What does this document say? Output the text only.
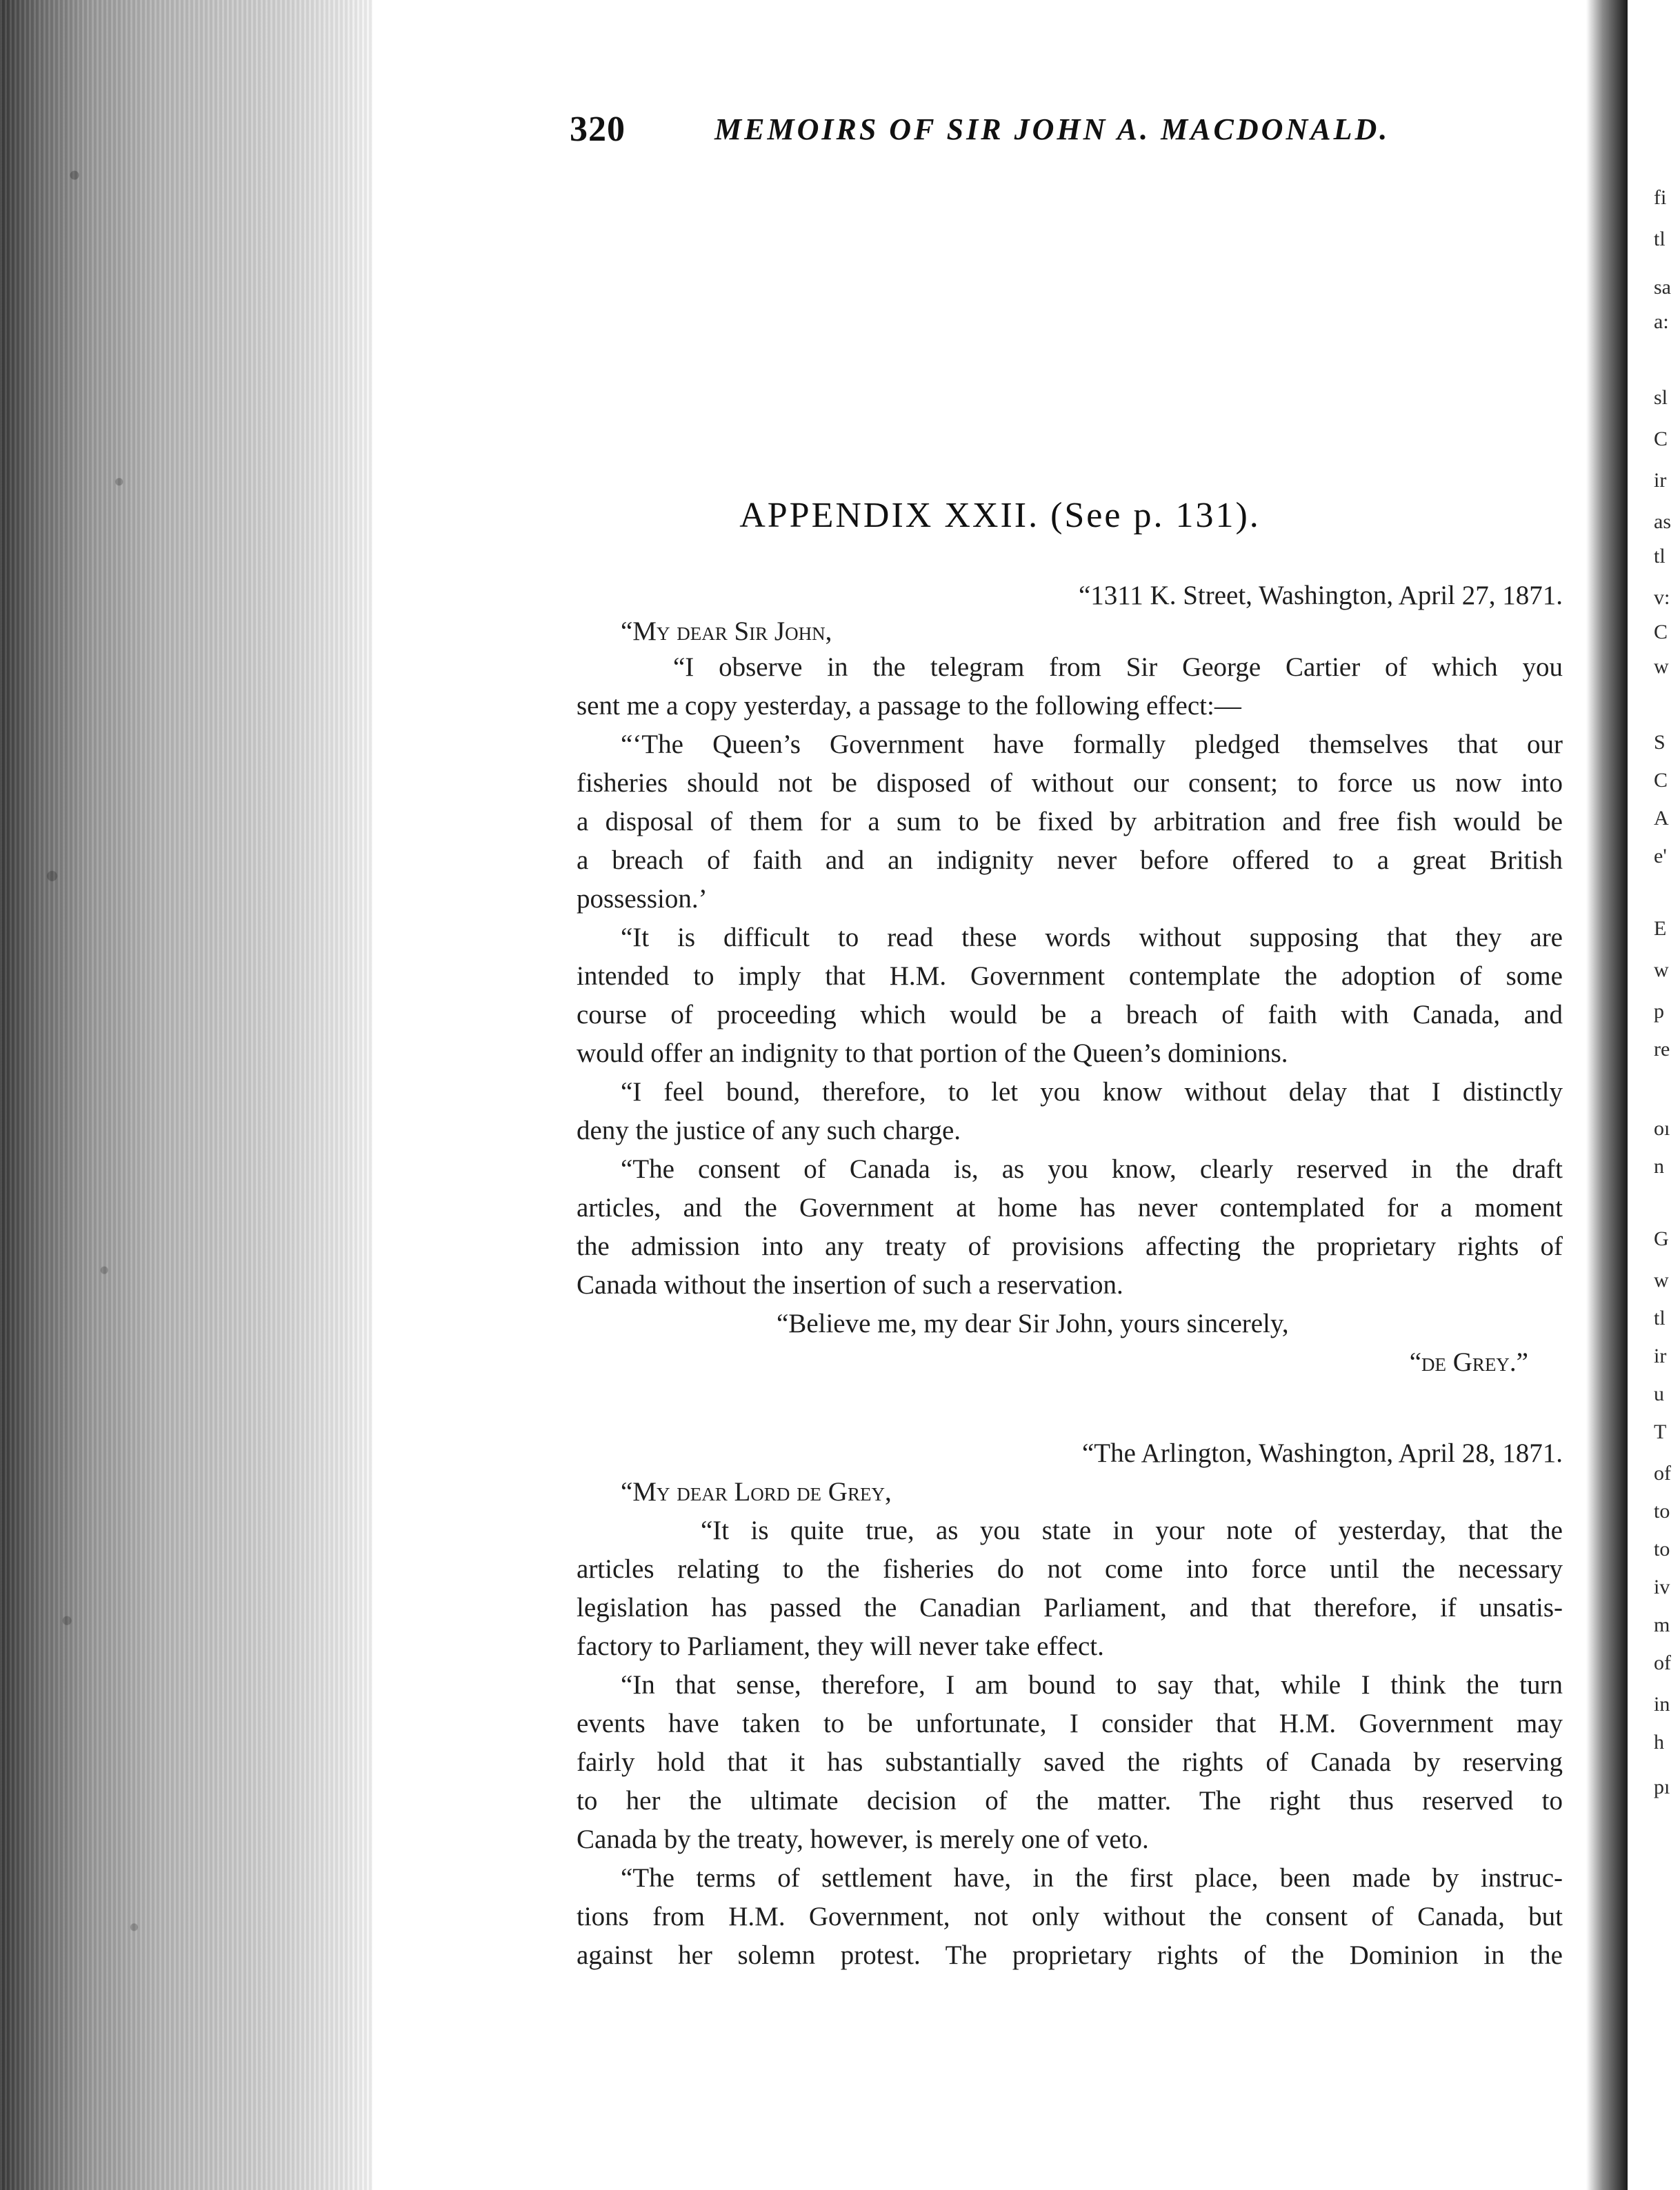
fi
tl
sa
a:
sl
C
ir
as
tl
v:
C
w
S
C
A
e'
E
w
p
re
oı
n
G
w
tl
ir
u
T
of
to
to
iv
m
of
in
h
pı
320	MEMOIRS OF SIR JOHN A. MACDONALD.
APPENDIX XXII. (See p. 131).
“1311 K. Street, Washington, April 27, 1871.
“My dear Sir John,
“I observe in the telegram from Sir George Cartier of which you
sent me a copy yesterday, a passage to the following effect:—
“‘The Queen’s Government have formally pledged themselves that our
fisheries should not be disposed of without our consent; to force us now into
a disposal of them for a sum to be fixed by arbitration and free fish would be
a breach of faith and an indignity never before offered to a great British
possession.’
“It is difficult to read these words without supposing that they are
intended to imply that H.M. Government contemplate the adoption of some
course of proceeding which would be a breach of faith with Canada, and
would offer an indignity to that portion of the Queen’s dominions.
“I feel bound, therefore, to let you know without delay that I distinctly
deny the justice of any such charge.
“The consent of Canada is, as you know, clearly reserved in the draft
articles, and the Government at home has never contemplated for a moment
the admission into any treaty of provisions affecting the proprietary rights of
Canada without the insertion of such a reservation.
“Believe me, my dear Sir John, yours sincerely,
“de Grey.”
“The Arlington, Washington, April 28, 1871.
“My dear Lord de Grey,
“It is quite true, as you state in your note of yesterday, that the
articles relating to the fisheries do not come into force until the necessary
legislation has passed the Canadian Parliament, and that therefore, if unsatis-
factory to Parliament, they will never take effect.
“In that sense, therefore, I am bound to say that, while I think the turn
events have taken to be unfortunate, I consider that H.M. Government may
fairly hold that it has substantially saved the rights of Canada by reserving
to her the ultimate decision of the matter. The right thus reserved to
Canada by the treaty, however, is merely one of veto.
“The terms of settlement have, in the first place, been made by instruc-
tions from H.M. Government, not only without the consent of Canada, but
against her solemn protest. The proprietary rights of the Dominion in the
